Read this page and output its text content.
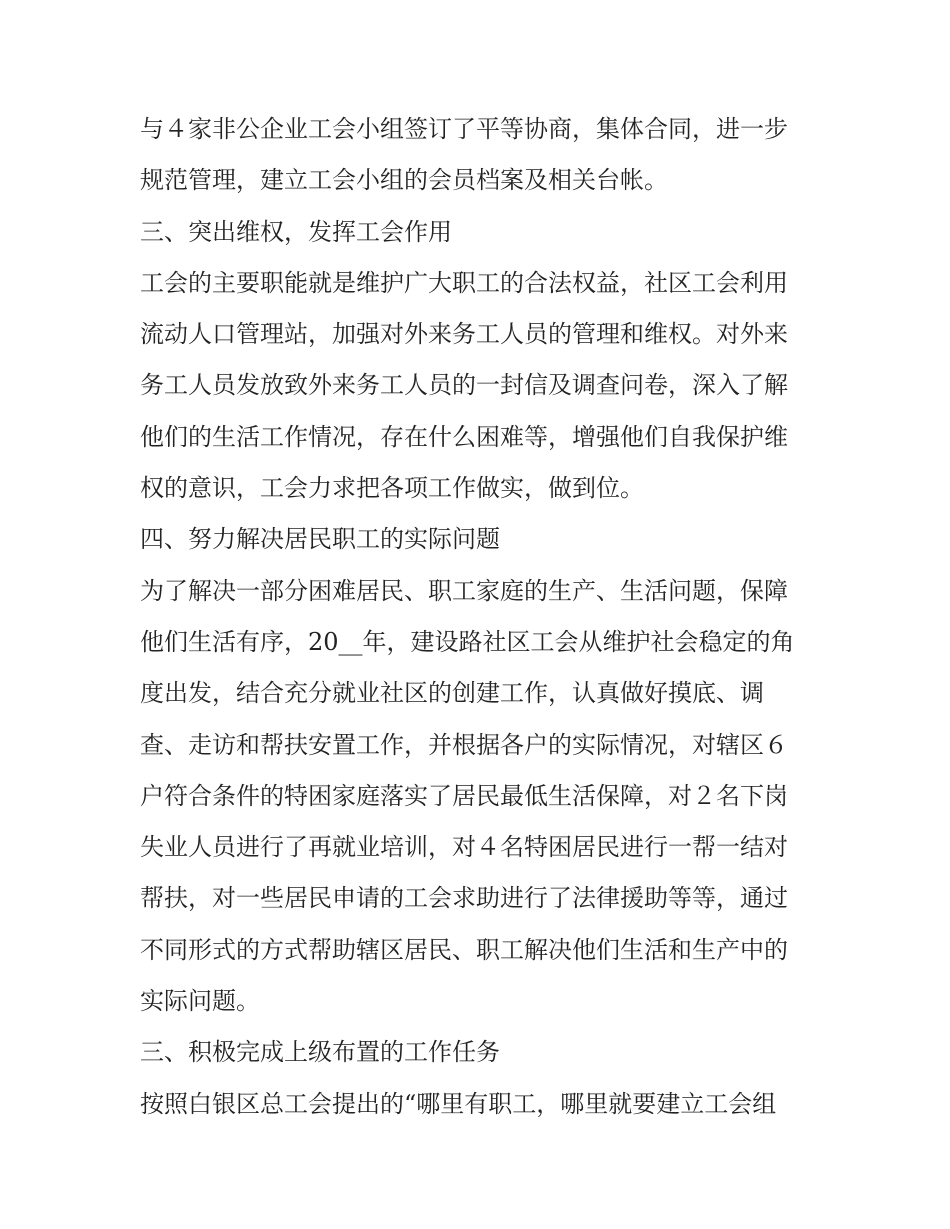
与４家非公企业工会小组签订了平等协商，集体合同，进一步
规范管理，建立工会小组的会员档案及相关台帐。
三、突出维权，发挥工会作用
工会的主要职能就是维护广大职工的合法权益，社区工会利用
流动人口管理站，加强对外来务工人员的管理和维权。对外来
务工人员发放致外来务工人员的一封信及调查问卷，深入了解
他们的生活工作情况，存在什么困难等，增强他们自我保护维
权的意识，工会力求把各项工作做实，做到位。
四、努力解决居民职工的实际问题
为了解决一部分困难居民、职工家庭的生产、生活问题，保障
他们生活有序，20__年，建设路社区工会从维护社会稳定的角
度出发，结合充分就业社区的创建工作，认真做好摸底、调
查、走访和帮扶安置工作，并根据各户的实际情况，对辖区６
户符合条件的特困家庭落实了居民最低生活保障，对２名下岗
失业人员进行了再就业培训，对４名特困居民进行一帮一结对
帮扶，对一些居民申请的工会求助进行了法律援助等等，通过
不同形式的方式帮助辖区居民、职工解决他们生活和生产中的
实际问题。
三、积极完成上级布置的工作任务
按照白银区总工会提出的“哪里有职工，哪里就要建立工会组
